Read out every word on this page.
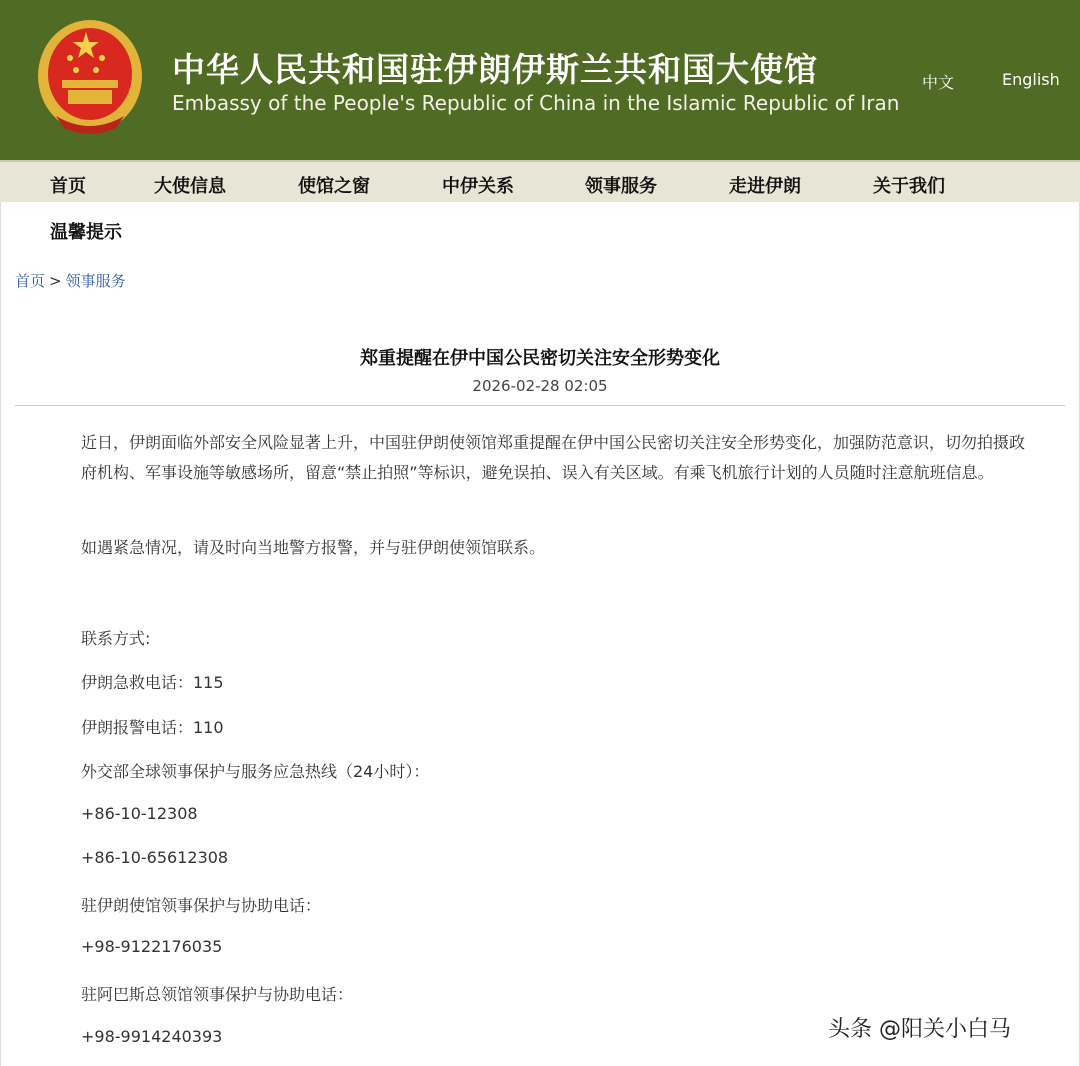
中华人民共和国驻伊朗伊斯兰共和国大使馆
Embassy of the People's Republic of China in the Islamic Republic of Iran
中文	English
首页	大使信息	使馆之窗	中伊关系	领事服务	走进伊朗	关于我们
温馨提示
首页 > 领事服务
郑重提醒在伊中国公民密切关注安全形势变化
2026-02-28 02:05
近日，伊朗面临外部安全风险显著上升，中国驻伊朗使领馆郑重提醒在伊中国公民密切关注安全形势变化，加强防范意识，切勿拍摄政府机构、军事设施等敏感场所，留意“禁止拍照”等标识，避免误拍、误入有关区域。有乘飞机旅行计划的人员随时注意航班信息。
如遇紧急情况，请及时向当地警方报警，并与驻伊朗使领馆联系。
联系方式:
伊朗急救电话：115
伊朗报警电话：110
外交部全球领事保护与服务应急热线（24小时）：
+86-10-12308
+86-10-65612308
驻伊朗使馆领事保护与协助电话：
+98-9122176035
驻阿巴斯总领馆领事保护与协助电话：
+98-9914240393	头条 @阳关小白马
